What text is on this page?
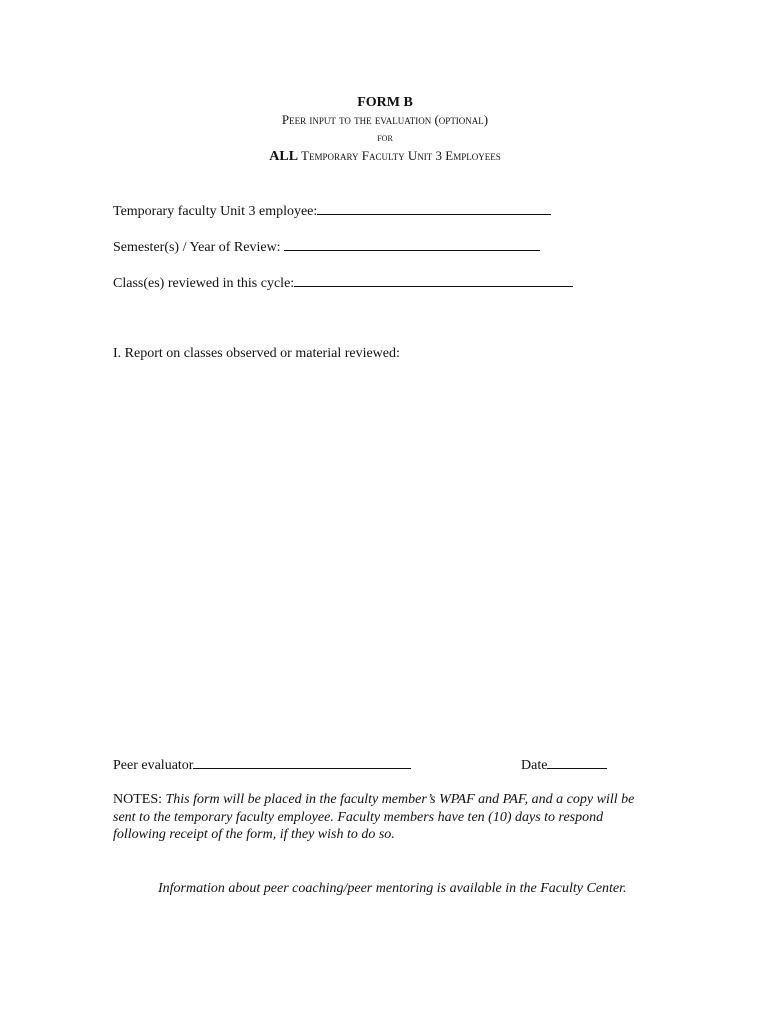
FORM B
Peer input to the evaluation (optional)
for
ALL Temporary Faculty Unit 3 Employees
Temporary faculty Unit 3 employee:
Semester(s) / Year of Review:
Class(es) reviewed in this cycle:
I. Report on classes observed or material reviewed:
Peer evaluator	Date
NOTES: This form will be placed in the faculty member’s WPAF and PAF, and a copy will be sent to the temporary faculty employee. Faculty members have ten (10) days to respond following receipt of the form, if they wish to do so.
Information about peer coaching/peer mentoring is available in the Faculty Center.
